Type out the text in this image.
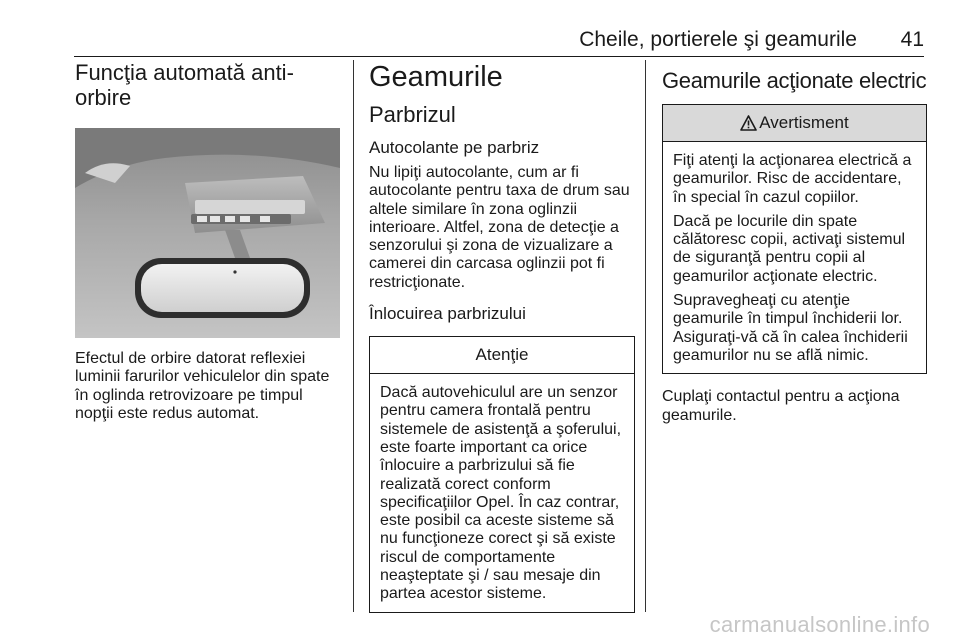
Cheile, portierele şi geamurile 41
Funcţia automată anti-orbire

Efectul de orbire datorat reflexiei luminii farurilor vehiculelor din spate în oglinda retrovizoare pe timpul nopţii este redus automat.

Geamurile
Parbrizul
Autocolante pe parbriz

Nu lipiţi autocolante, cum ar fi autocolante pentru taxa de drum sau altele similare în zona oglinzii interioare. Altfel, zona de detecţie a senzorului şi zona de vizualizare a camerei din carcasa oglinzii pot fi restricţionate.

Înlocuirea parbrizului
Atenţie

Dacă autovehiculul are un senzor pentru camera frontală pentru sistemele de asistenţă a şoferului, este foarte important ca orice înlocuire a parbrizului să fie realizată corect conform specificaţiilor Opel. În caz contrar, este posibil ca aceste sisteme să nu funcţioneze corect şi să existe riscul de comportamente neaşteptate şi / sau mesaje din partea acestor sisteme.

Geamurile acţionate electric
Avertisment

Fiţi atenţi la acţionarea electrică a geamurilor. Risc de accidentare, în special în cazul copiilor.

Dacă pe locurile din spate călătoresc copii, activaţi sistemul de siguranţă pentru copii al geamurilor acţionate electric.

Supravegheaţi cu atenţie geamurile în timpul închiderii lor. Asiguraţi-vă că în calea închiderii geamurilor nu se află nimic.

Cuplaţi contactul pentru a acţiona geamurile.

carmanualsonline.info
